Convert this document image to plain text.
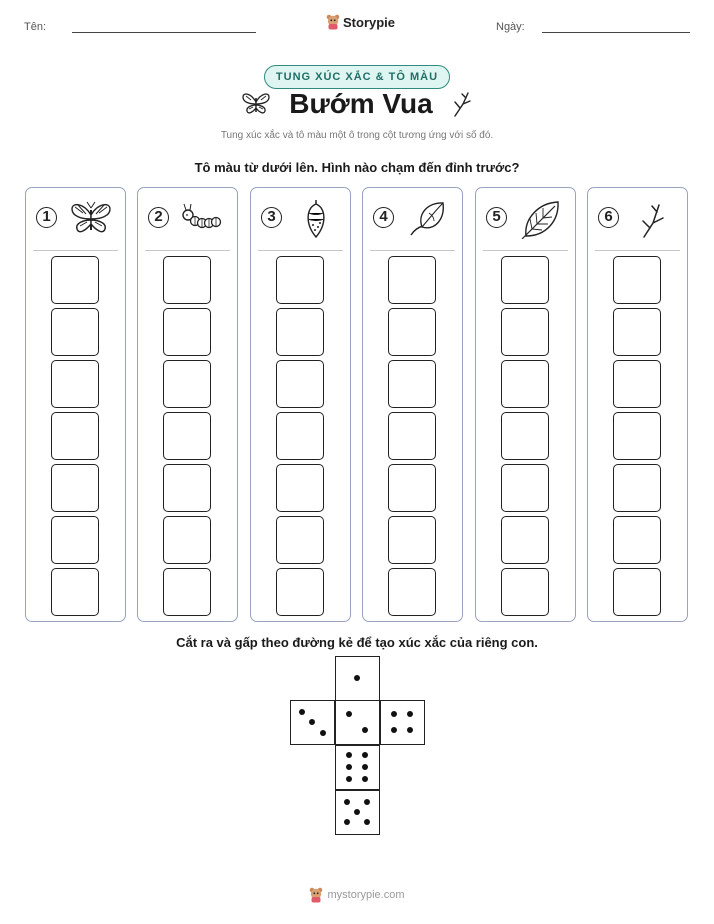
Tên:	Storypie	Ngày:
TUNG XÚC XẮC & TÔ MÀU
Bướm Vua
Tung xúc xắc và tô màu một ô trong cột tương ứng với số đó.
Tô màu từ dưới lên. Hình nào chạm đến đỉnh trước?
1	2	3	4	5	6
Cắt ra và gấp theo đường kẻ để tạo xúc xắc của riêng con.
mystorypie.com
